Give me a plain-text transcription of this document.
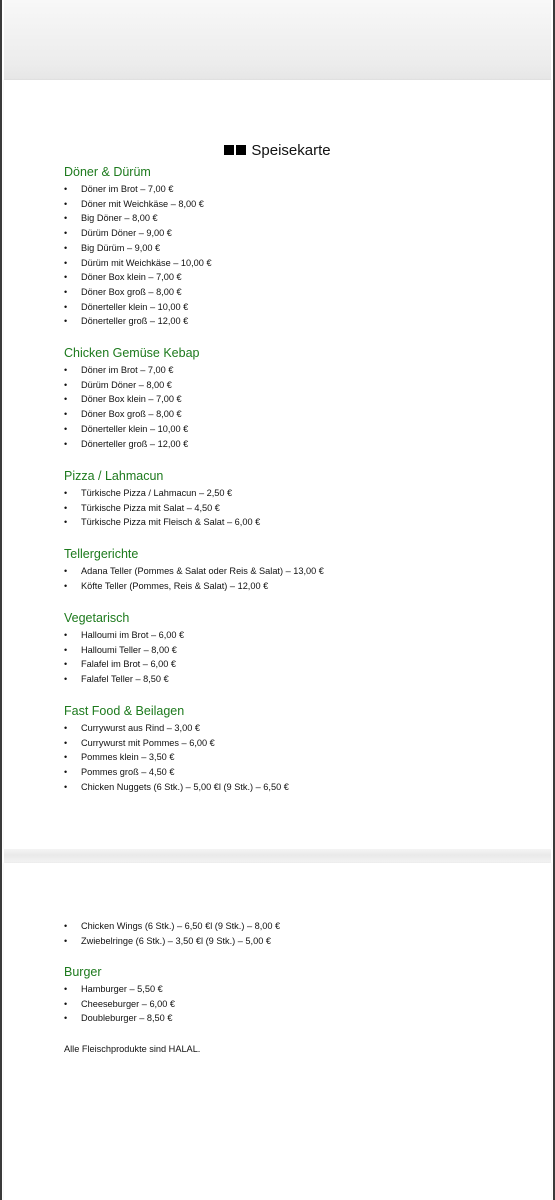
Speisekarte
Döner & Dürüm
• Döner im Brot – 7,00 €
• Döner mit Weichkäse – 8,00 €
• Big Döner – 8,00 €
• Dürüm Döner – 9,00 €
• Big Dürüm – 9,00 €
• Dürüm mit Weichkäse – 10,00 €
• Döner Box klein – 7,00 €
• Döner Box groß – 8,00 €
• Dönerteller klein – 10,00 €
• Dönerteller groß – 12,00 €
Chicken Gemüse Kebap
• Döner im Brot – 7,00 €
• Dürüm Döner – 8,00 €
• Döner Box klein – 7,00 €
• Döner Box groß – 8,00 €
• Dönerteller klein – 10,00 €
• Dönerteller groß – 12,00 €
Pizza / Lahmacun
• Türkische Pizza / Lahmacun – 2,50 €
• Türkische Pizza mit Salat – 4,50 €
• Türkische Pizza mit Fleisch & Salat – 6,00 €
Tellergerichte
• Adana Teller (Pommes & Salat oder Reis & Salat) – 13,00 €
• Köfte Teller (Pommes, Reis & Salat) – 12,00 €
Vegetarisch
• Halloumi im Brot – 6,00 €
• Halloumi Teller – 8,00 €
• Falafel im Brot – 6,00 €
• Falafel Teller – 8,50 €
Fast Food & Beilagen
• Currywurst aus Rind – 3,00 €
• Currywurst mit Pommes – 6,00 €
• Pommes klein – 3,50 €
• Pommes groß – 4,50 €
• Chicken Nuggets (6 Stk.) – 5,00 €l (9 Stk.) – 6,50 €
• Chicken Wings (6 Stk.) – 6,50 €l (9 Stk.) – 8,00 €
• Zwiebelringe (6 Stk.) – 3,50 €l (9 Stk.) – 5,00 €
Burger
• Hamburger – 5,50 €
• Cheeseburger – 6,00 €
• Doubleburger – 8,50 €
Alle Fleischprodukte sind HALAL.
